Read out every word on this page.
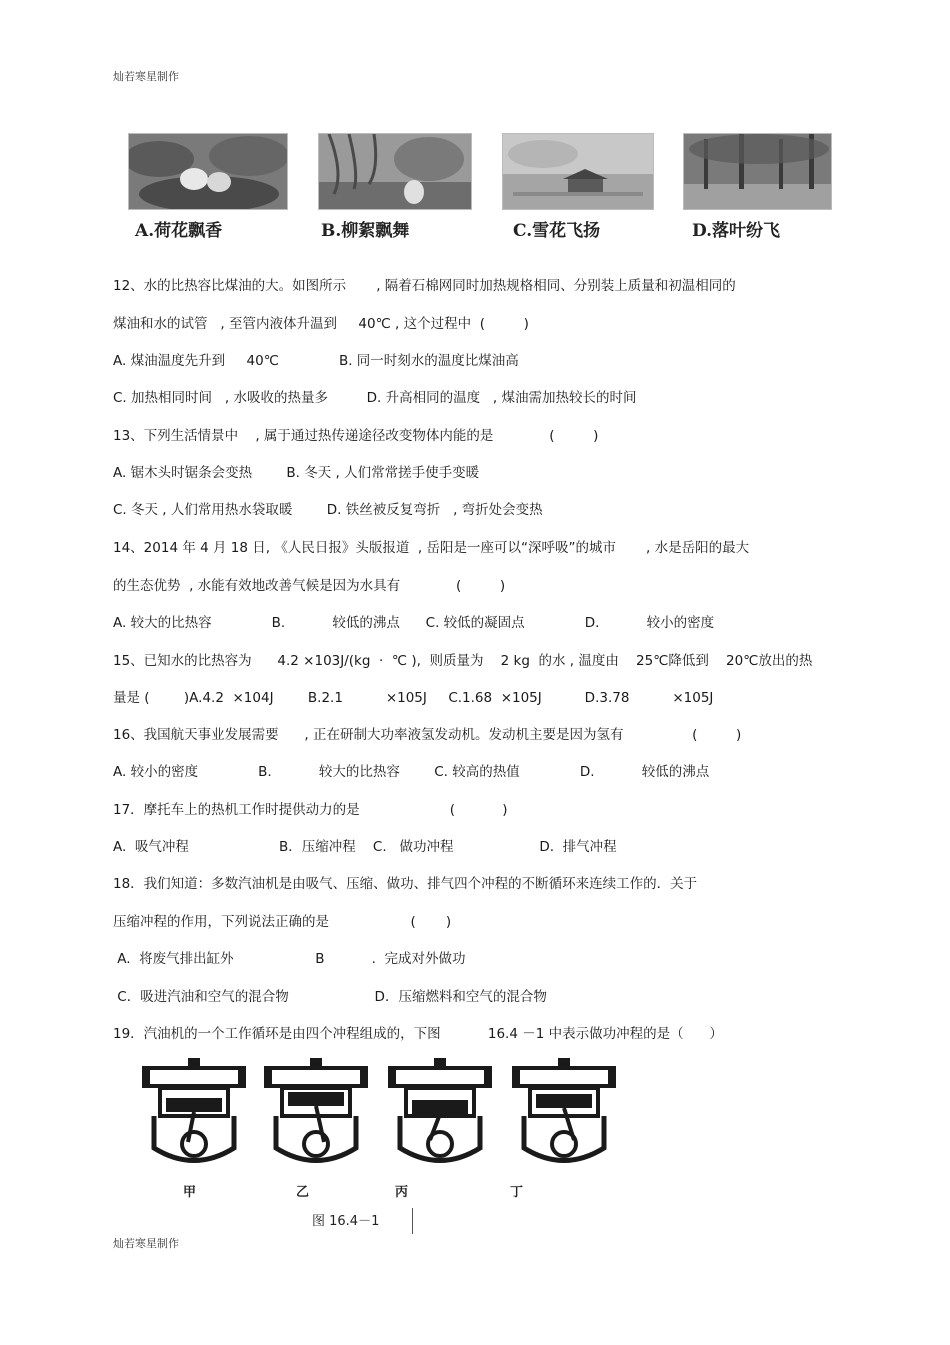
灿若寒星制作
A.荷花飘香	B.柳絮飘舞	C.雪花飞扬	D.落叶纷飞
12、水的比热容比煤油的大。如图所示       , 隔着石棉网同时加热规格相同、分别装上质量和初温相同的
煤油和水的试管   , 至管内液体升温到     40℃ , 这个过程中  (         )
A. 煤油温度先升到     40℃              B. 同一时刻水的温度比煤油高
C. 加热相同时间   , 水吸收的热量多         D. 升高相同的温度   , 煤油需加热较长的时间
13、下列生活情景中    , 属于通过热传递途径改变物体内能的是             (         )
A. 锯木头时锯条会变热        B. 冬天 , 人们常常搓手使手变暖
C. 冬天 , 人们常用热水袋取暖        D. 铁丝被反复弯折   , 弯折处会变热
14、2014 年 4 月 18 日, 《人民日报》头版报道  , 岳阳是一座可以“深呼吸”的城市       , 水是岳阳的最大
的生态优势  , 水能有效地改善气候是因为水具有             (         )
A. 较大的比热容              B.           较低的沸点      C. 较低的凝固点              D.           较小的密度
15、已知水的比热容为      4.2 ×103J/(kg  ·  ℃ ),  则质量为    2 kg  的水 , 温度由    25℃降低到    20℃放出的热
量是 (        )A.4.2  ×104J        B.2.1          ×105J     C.1.68  ×105J          D.3.78          ×105J
16、我国航天事业发展需要      , 正在研制大功率液氢发动机。发动机主要是因为氢有                (         )
A. 较小的密度              B.           较大的比热容        C. 较高的热值              D.           较低的沸点
17．摩托车上的热机工作时提供动力的是                     (           )
A.  吸气冲程                     B．压缩冲程    C.   做功冲程                    D.  排气冲程
18．我们知道：多数汽油机是由吸气、压缩、做功、排气四个冲程的不断循环来连续工作的．关于
压缩冲程的作用，下列说法正确的是                   (       )
A.  将废气排出缸外                   B           .  完成对外做功
C．吸进汽油和空气的混合物                    D．压缩燃料和空气的混合物
19．汽油机的一个工作循环是由四个冲程组成的，下图           16.4 －1 中表示做功冲程的是（      ）
甲	乙	丙	丁
图 16.4－1
灿若寒星制作
